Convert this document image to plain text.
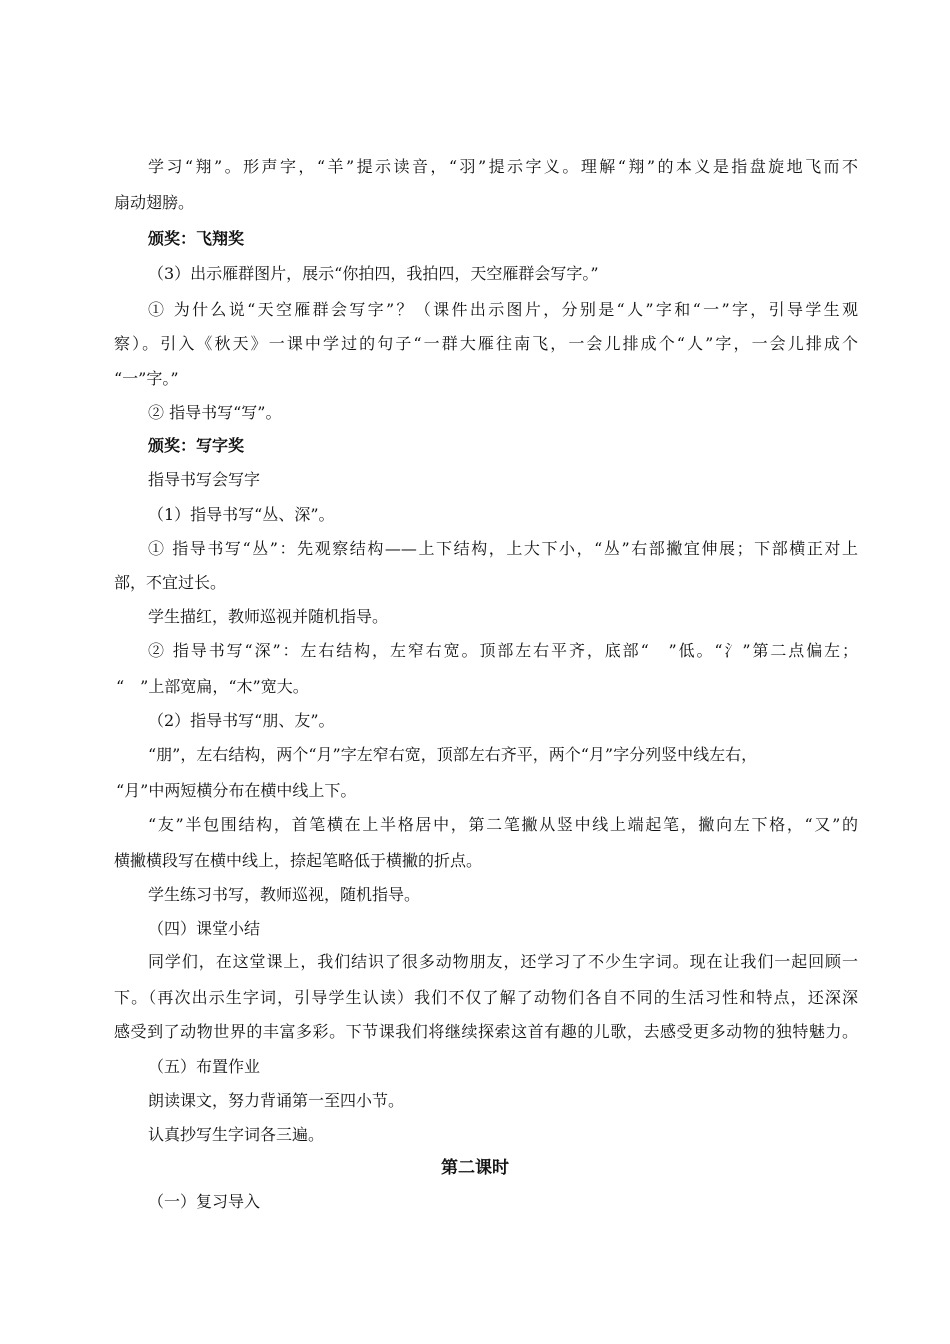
学习“翔”。形声字，“羊”提示读音，“羽”提示字义。理解“翔”的本义是指盘旋地飞而不
扇动翅膀。
颁奖：飞翔奖
（3）出示雁群图片，展示“你拍四，我拍四，天空雁群会写字。”
① 为什么说“天空雁群会写字”？（课件出示图片，分别是“人”字和“一”字，引导学生观
察）。引入《秋天》一课中学过的句子“一群大雁往南飞，一会儿排成个“人”字，一会儿排成个
“一”字。”
② 指导书写“写”。
颁奖：写字奖
指导书写会写字
（1）指导书写“丛、深”。
① 指导书写“丛”：先观察结构——上下结构，上大下小，“丛”右部撇宜伸展；下部横正对上
部，不宜过长。
学生描红，教师巡视并随机指导。
② 指导书写“深”：左右结构，左窄右宽。顶部左右平齐，底部“　”低。“氵”第二点偏左；
“　”上部宽扁，“木”宽大。
（2）指导书写“朋、友”。
“朋”，左右结构，两个“月”字左窄右宽，顶部左右齐平，两个“月”字分列竖中线左右，
“月”中两短横分布在横中线上下。
“友”半包围结构，首笔横在上半格居中，第二笔撇从竖中线上端起笔，撇向左下格，“又”的
横撇横段写在横中线上，捺起笔略低于横撇的折点。
学生练习书写，教师巡视，随机指导。
（四）课堂小结
同学们，在这堂课上，我们结识了很多动物朋友，还学习了不少生字词。现在让我们一起回顾一
下。（再次出示生字词，引导学生认读）我们不仅了解了动物们各自不同的生活习性和特点，还深深
感受到了动物世界的丰富多彩。下节课我们将继续探索这首有趣的儿歌，去感受更多动物的独特魅力。
（五）布置作业
朗读课文，努力背诵第一至四小节。
认真抄写生字词各三遍。
第二课时
（一）复习导入
